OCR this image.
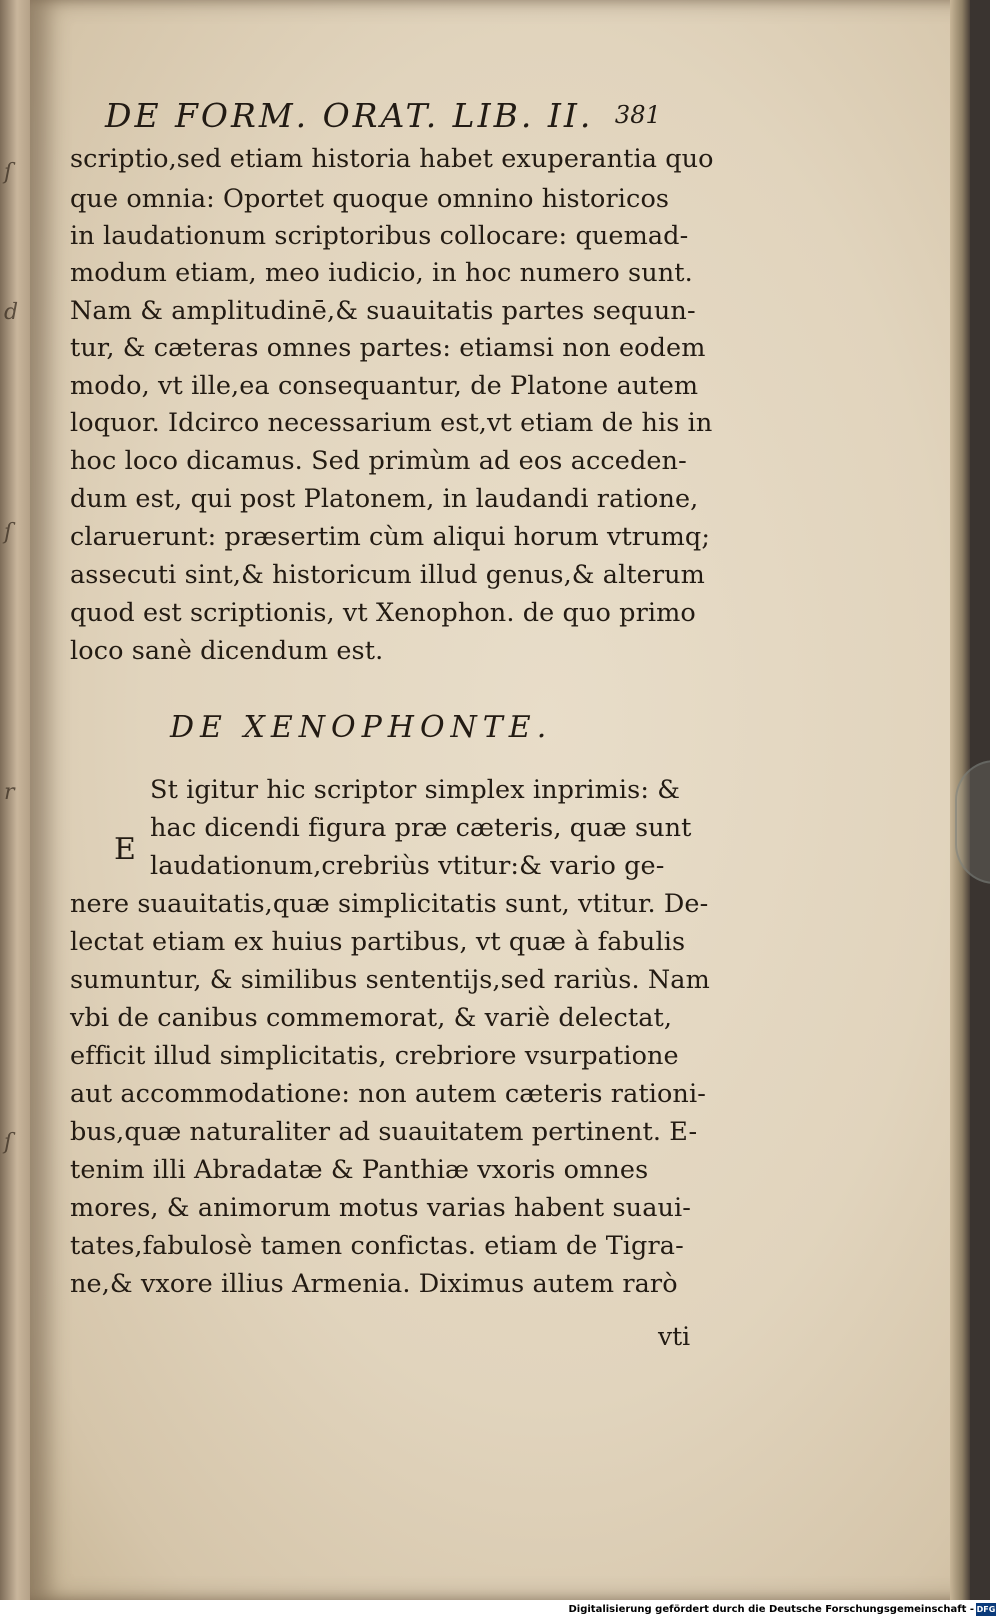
ſ
d
ſ
r
ſ
DE FORM. ORAT. LIB. II. 381
scriptio,sed etiam historia habet exuperantia quo
que omnia: Oportet quoque omnino historicos
in laudationum scriptoribus collocare: quemad-
modum etiam, meo iudicio, in hoc numero sunt.
Nam & amplitudinē,& suauitatis partes sequun-
tur, & cæteras omnes partes: etiamsi non eodem
modo, vt ille,ea consequantur, de Platone autem
loquor. Idcirco necessarium est,vt etiam de his in
hoc loco dicamus. Sed primùm ad eos acceden-
dum est, qui post Platonem, in laudandi ratione,
claruerunt: præsertim cùm aliqui horum vtrumq;
assecuti sint,& historicum illud genus,& alterum
quod est scriptionis, vt Xenophon. de quo primo
loco sanè dicendum est.
DE XENOPHONTE.
E
St igitur hic scriptor simplex inprimis: &
hac dicendi figura præ cæteris, quæ sunt
laudationum,crebriùs vtitur:& vario ge-
nere suauitatis,quæ simplicitatis sunt, vtitur. De-
lectat etiam ex huius partibus, vt quæ à fabulis
sumuntur, & similibus sententijs,sed rariùs. Nam
vbi de canibus commemorat, & variè delectat,
efficit illud simplicitatis, crebriore vsurpatione
aut accommodatione: non autem cæteris rationi-
bus,quæ naturaliter ad suauitatem pertinent. E-
tenim illi Abradatæ & Panthiæ vxoris omnes
mores, & animorum motus varias habent suaui-
tates,fabulosè tamen confictas. etiam de Tigra-
ne,& vxore illius Armenia. Diximus autem rarò
vti
Digitalisierung gefördert durch die Deutsche Forschungsgemeinschaft - DFG
